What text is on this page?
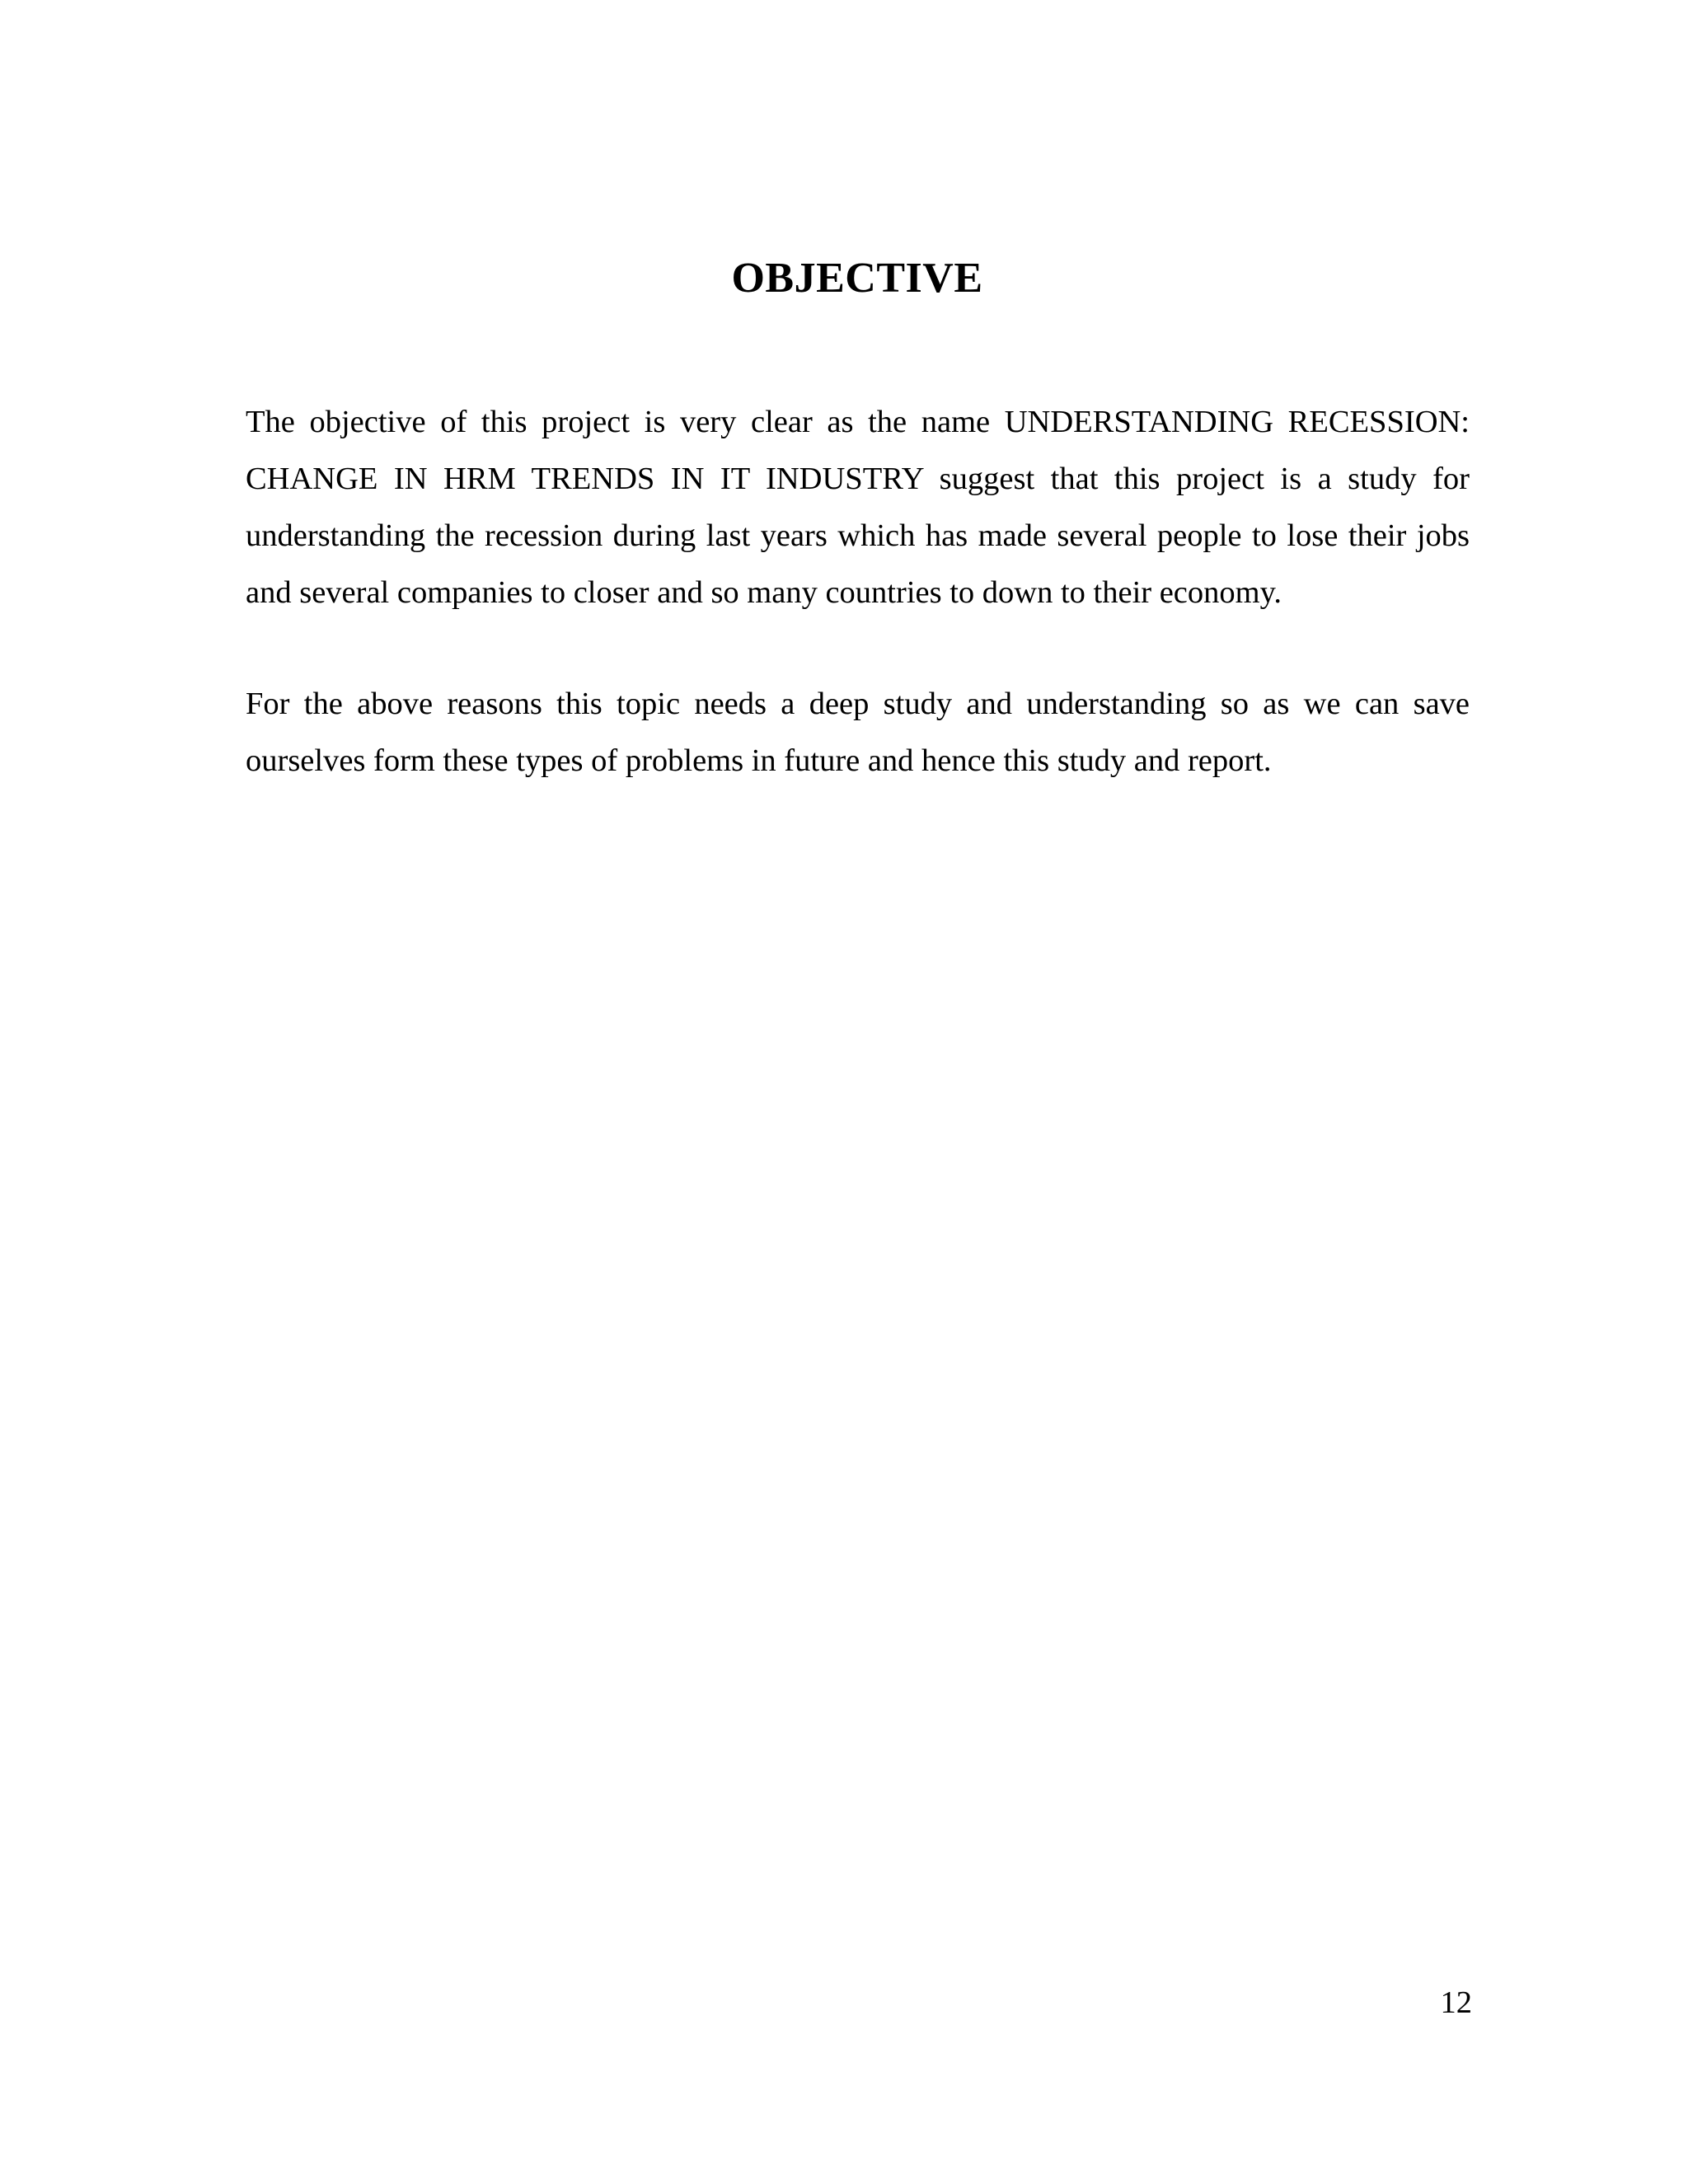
OBJECTIVE

The objective of this project is very clear as the name UNDERSTANDING RECESSION: CHANGE IN HRM TRENDS IN IT INDUSTRY suggest that this project is a study for understanding the recession during last years which has made several people to lose their jobs and several companies to closer and so many countries to down to their economy.

For the above reasons this topic needs a deep study and understanding so as we can save ourselves form these types of problems in future and hence this study and report.

12
